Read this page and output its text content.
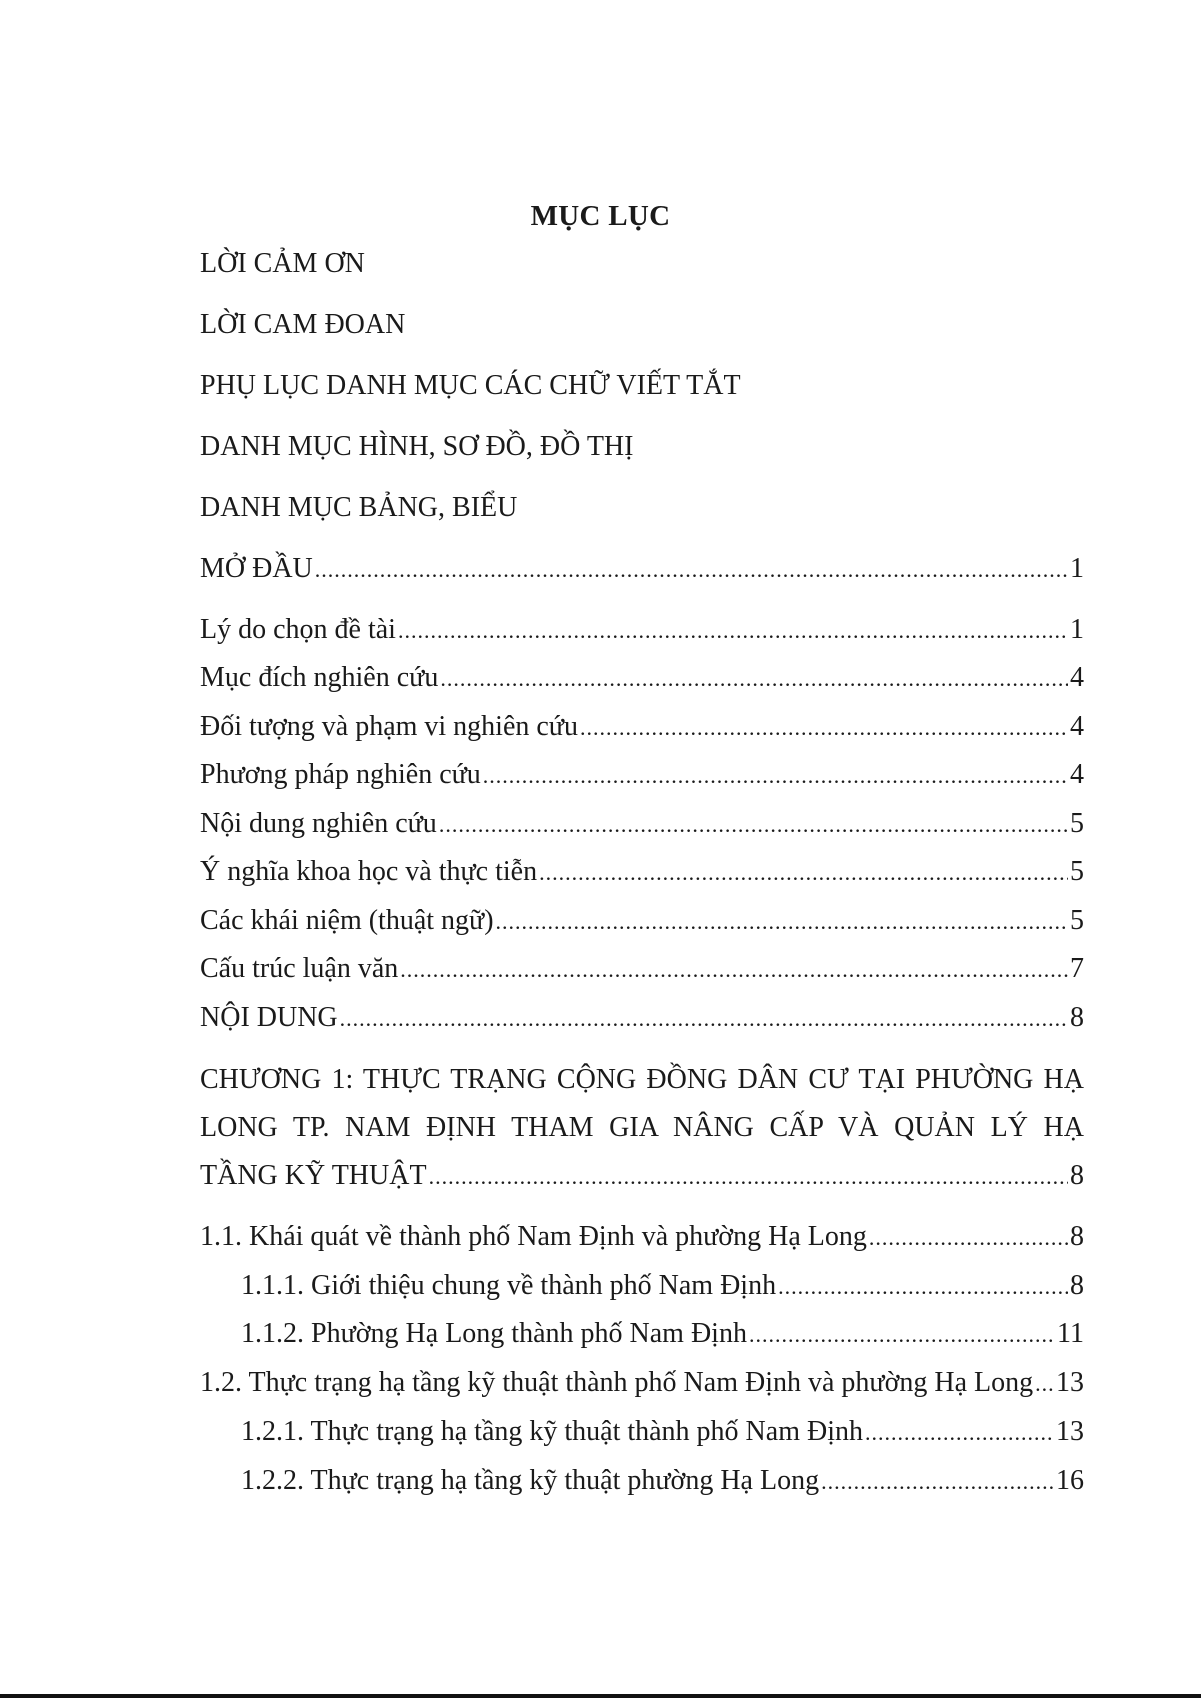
MỤC LỤC
LỜI CẢM ƠN
LỜI CAM ĐOAN
PHỤ LỤC DANH MỤC CÁC CHỮ VIẾT TẮT
DANH MỤC HÌNH, SƠ ĐỒ, ĐỒ THỊ
DANH MỤC BẢNG, BIỂU
MỞ ĐẦU .....	1
Lý do chọn đề tài .....	1
Mục đích nghiên cứu .....	4
Đối tượng và phạm vi nghiên cứu .....	4
Phương pháp nghiên cứu .....	4
Nội dung nghiên cứu .....	5
Ý nghĩa khoa học và thực tiễn .....	5
Các khái niệm (thuật ngữ) .....	5
Cấu trúc luận văn .....	7
NỘI DUNG .....	8
CHƯƠNG 1: THỰC TRẠNG CỘNG ĐỒNG DÂN CƯ TẠI PHƯỜNG HẠ
LONG TP. NAM ĐỊNH THAM GIA NÂNG CẤP VÀ QUẢN LÝ HẠ
TẦNG KỸ THUẬT .....	8
1.1. Khái quát về thành phố Nam Định và phường Hạ Long .....	8
1.1.1. Giới thiệu chung về thành phố Nam Định .....	8
1.1.2. Phường Hạ Long thành phố Nam Định .....	11
1.2. Thực trạng hạ tầng kỹ thuật thành phố Nam Định và phường Hạ Long ..... 13
1.2.1. Thực trạng hạ tầng kỹ thuật thành phố Nam Định .....	13
1.2.2. Thực trạng hạ tầng kỹ thuật phường Hạ Long .....	16
